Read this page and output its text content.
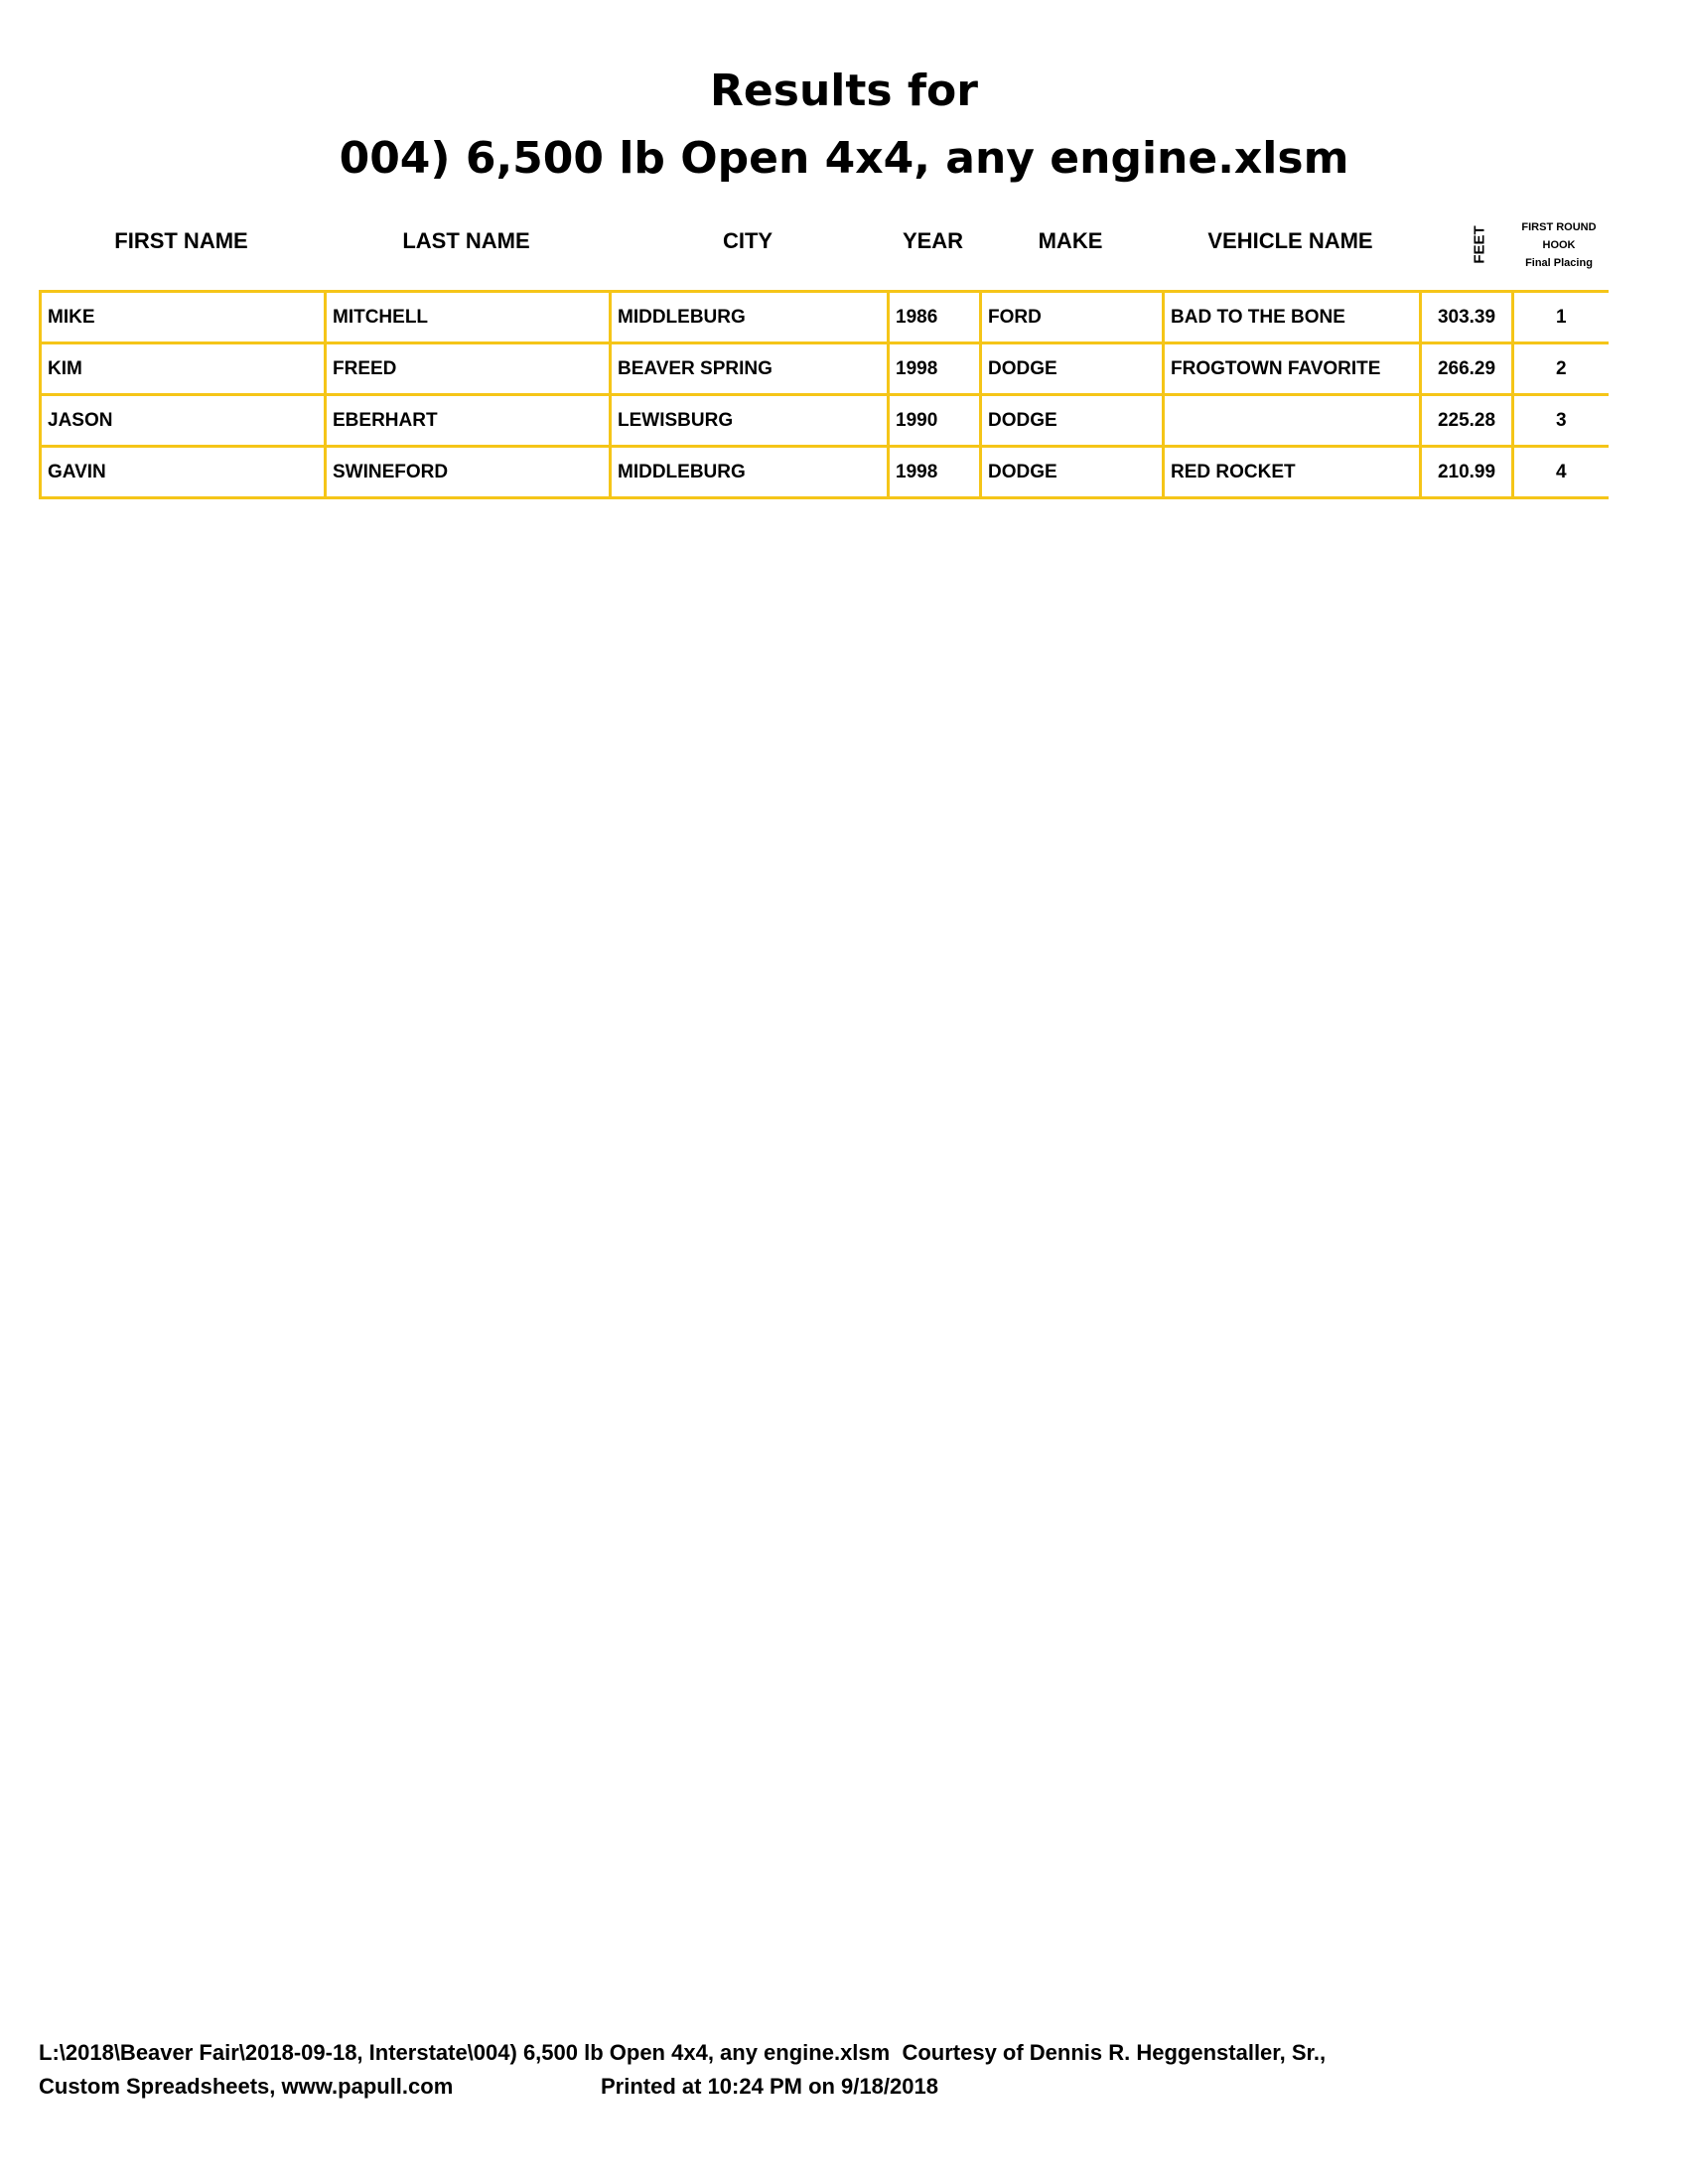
Results for
004) 6,500 lb Open 4x4, any engine.xlsm
FIRST NAME	LAST NAME	CITY	YEAR	MAKE	VEHICLE NAME	FEET	FIRST ROUND
HOOK
Final Placing
MIKE	MITCHELL	MIDDLEBURG	1986	FORD	BAD TO THE BONE	303.39	1
KIM	FREED	BEAVER SPRING	1998	DODGE	FROGTOWN FAVORITE	266.29	2
JASON	EBERHART	LEWISBURG	1990	DODGE		225.28	3
GAVIN	SWINEFORD	MIDDLEBURG	1998	DODGE	RED ROCKET	210.99	4
L:\2018\Beaver Fair\2018-09-18, Interstate\004) 6,500 lb Open 4x4, any engine.xlsm  Courtesy of Dennis R. Heggenstaller, Sr.,
Custom Spreadsheets, www.papull.com	Printed at 10:24 PM on 9/18/2018
